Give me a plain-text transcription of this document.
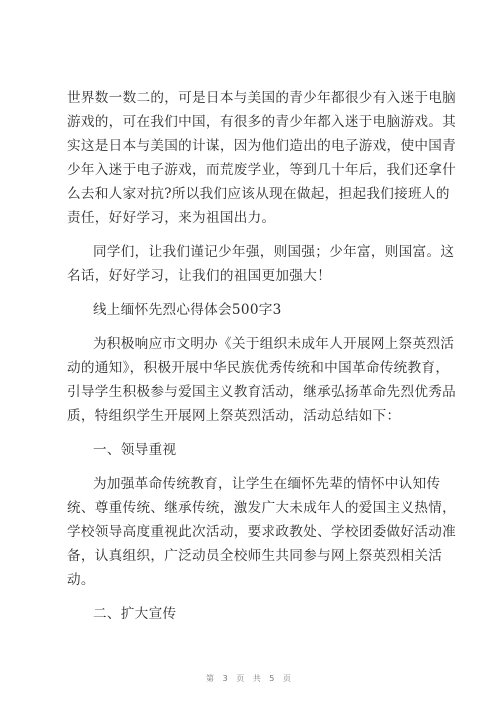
世界数一数二的，可是日本与美国的青少年都很少有入迷于电脑
游戏的，可在我们中国，有很多的青少年都入迷于电脑游戏。其
实这是日本与美国的计谋，因为他们造出的电子游戏，使中国青
少年入迷于电子游戏，而荒废学业，等到几十年后，我们还拿什
么去和人家对抗?所以我们应该从现在做起，担起我们接班人的
责任，好好学习，来为祖国出力。
同学们，让我们谨记少年强，则国强；少年富，则国富。这
名话，好好学习，让我们的祖国更加强大！
线上缅怀先烈心得体会500字3
为积极响应市文明办《关于组织未成年人开展网上祭英烈活
动的通知》，积极开展中华民族优秀传统和中国革命传统教育，
引导学生积极参与爱国主义教育活动，继承弘扬革命先烈优秀品
质，特组织学生开展网上祭英烈活动，活动总结如下：
一、领导重视
为加强革命传统教育，让学生在缅怀先辈的情怀中认知传
统、尊重传统、继承传统，激发广大未成年人的爱国主义热情，
学校领导高度重视此次活动，要求政教处、学校团委做好活动准
备，认真组织，广泛动员全校师生共同参与网上祭英烈相关活
动。
二、扩大宣传
第 3 页 共 5 页
